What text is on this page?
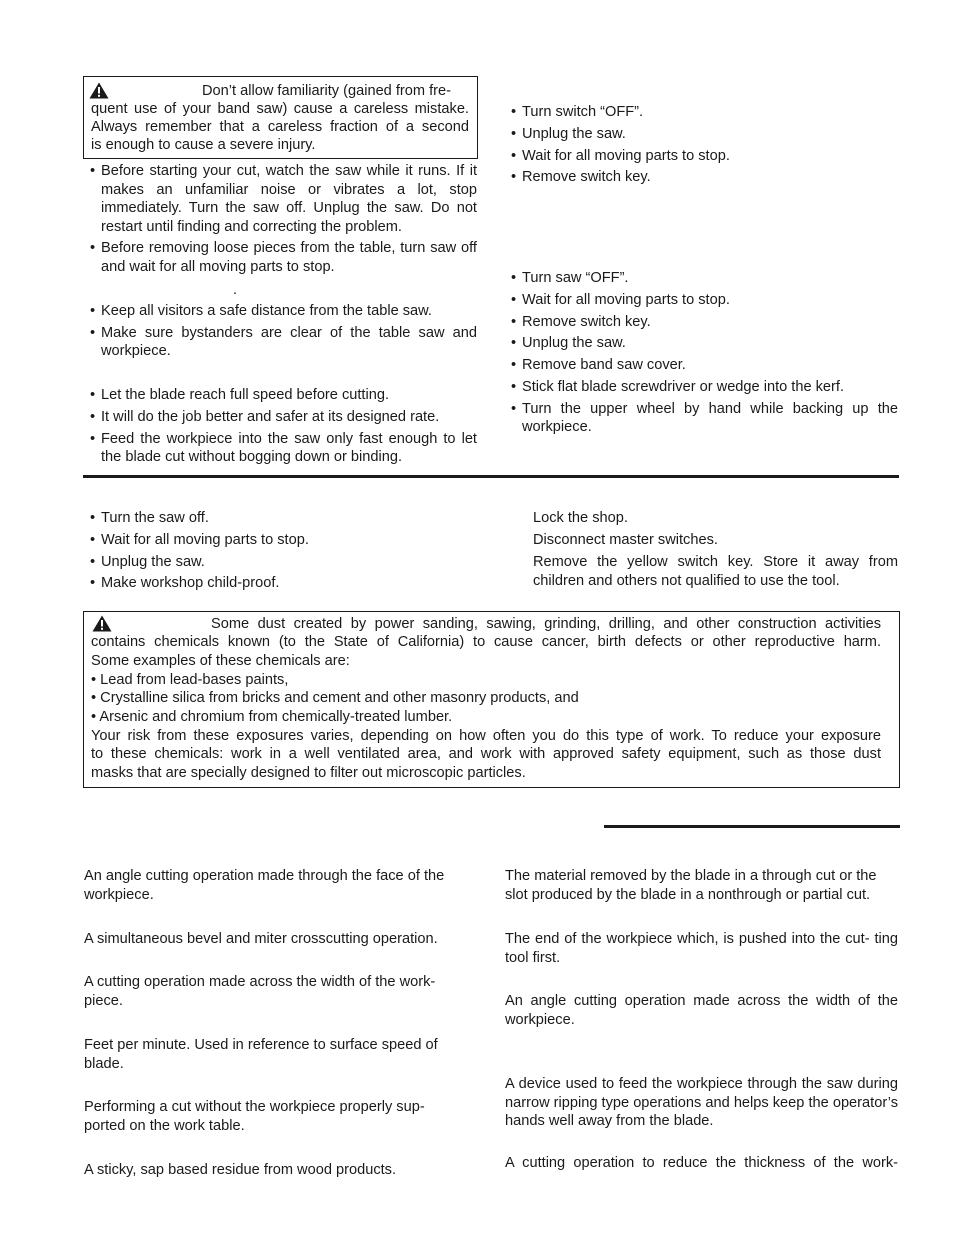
Don’t allow familiarity (gained from fre-
quent use of your band saw) cause a careless mistake.
Always remember that a careless fraction of a second
is enough to cause a severe injury.
• Before starting your cut, watch the saw while it runs. If it makes an unfamiliar noise or vibrates a lot, stop immediately. Turn the saw off. Unplug the saw. Do not restart until finding and correcting the problem.
• Before removing loose pieces from the table, turn saw off and wait for all moving parts to stop.
.
• Keep all visitors a safe distance from the table saw.
• Make sure bystanders are clear of the table saw and workpiece.
• Let the blade reach full speed before cutting.
• It will do the job better and safer at its designed rate.
• Feed the workpiece into the saw only fast enough to let the blade cut without bogging down or binding.
• Turn switch “OFF”.
• Unplug the saw.
• Wait for all moving parts to stop.
• Remove switch key.
• Turn saw “OFF”.
• Wait for all moving parts to stop.
• Remove switch key.
• Unplug the saw.
• Remove band saw cover.
• Stick flat blade screwdriver or wedge into the kerf.
• Turn the upper wheel by hand while backing up the workpiece.
• Turn the saw off.
• Wait for all moving parts to stop.
• Unplug the saw.
• Make workshop child-proof.
Lock the shop.
Disconnect master switches.

Remove the yellow switch key. Store it away from children and others not qualified to use the tool.

Some dust created by power sanding, sawing, grinding, drilling, and other construction activities
contains chemicals known (to the State of California) to cause cancer, birth defects or other reproductive harm.
Some examples of these chemicals are:
• Lead from lead-bases paints,
• Crystalline silica from bricks and cement and other masonry products, and
• Arsenic and chromium from chemically-treated lumber.
Your risk from these exposures varies, depending on how often you do this type of work. To reduce your exposure
to these chemicals: work in a well ventilated area, and work with approved safety equipment, such as those dust
masks that are specially designed to filter out microscopic particles.

An angle cutting operation made through the face of the workpiece.

A simultaneous bevel and miter crosscutting operation.

A cutting operation made across the width of the work- piece.

Feet per minute. Used in reference to surface speed of blade.

Performing a cut without the workpiece properly sup- ported on the work table.

A sticky, sap based residue from wood products.

The material removed by the blade in a through cut or the slot produced by the blade in a nonthrough or partial cut.

The end of the workpiece which, is pushed into the cut- ting tool first.

An angle cutting operation made across the width of the workpiece.

A device used to feed the workpiece through the saw during narrow ripping type operations and helps keep the operator’s hands well away from the blade.

A cutting operation to reduce the thickness of the work-
